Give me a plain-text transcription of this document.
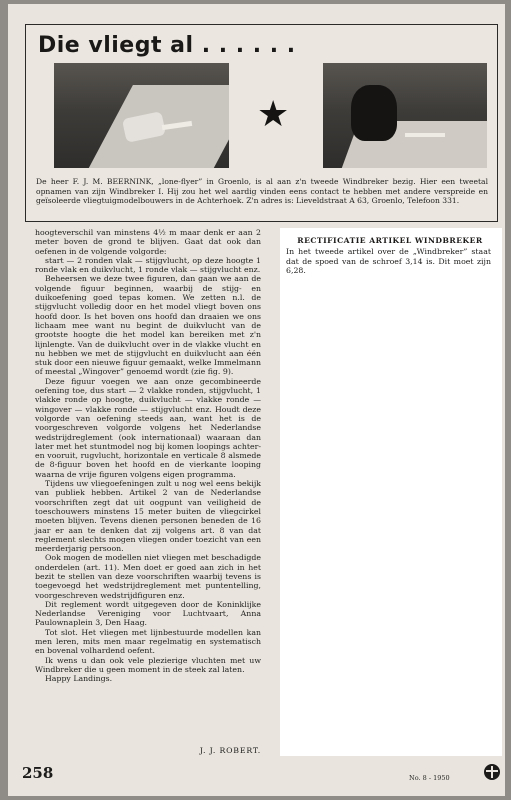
Die vliegt al . . . . . .
★

De heer F. J. M. BEERNINK, „lone-flyer” in Groenlo, is al aan z'n tweede Windbreker bezig. Hier een tweetal opnamen van zijn Windbreker I. Hij zou het wel aardig vinden eens contact te hebben met andere verspreide en geïsoleerde vliegtuigmodelbouwers in de Achterhoek. Z'n adres is: Lieveldstraat A 63, Groenlo, Telefoon 331.

hoogteverschil van minstens 4½ m maar denk er aan 2 meter boven de grond te blijven. Gaat dat ook dan oefenen in de volgende volgorde:

start — 2 ronden vlak — stijgvlucht, op deze hoogte 1 ronde vlak en duikvlucht, 1 ronde vlak — stijgvlucht enz.

Beheersen we deze twee figuren, dan gaan we aan de volgende figuur beginnen, waarbij de stijg- en duikoefening goed tepas komen. We zetten n.l. de stijgvlucht volledig door en het model vliegt boven ons hoofd door. Is het boven ons hoofd dan draaien we ons lichaam mee want nu begint de duikvlucht van de grootste hoogte die het model kan bereiken met z'n lijnlengte. Van de duikvlucht over in de vlakke vlucht en nu hebben we met de stijgvlucht en duikvlucht aan één stuk door een nieuwe figuur gemaakt, welke Immelmann of meestal „Wingover” genoemd wordt (zie fig. 9).

Deze figuur voegen we aan onze gecombineerde oefening toe, dus start — 2 vlakke ronden, stijgvlucht, 1 vlakke ronde op hoogte, duikvlucht — vlakke ronde — wingover — vlakke ronde — stijgvlucht enz. Houdt deze volgorde van oefening steeds aan, want het is de voorgeschreven volgorde volgens het Nederlandse wedstrijdreglement (ook internationaal) waaraan dan later met het stuntmodel nog bij komen loopings achter- en vooruit, rugvlucht, horizontale en verticale 8 alsmede de 8-figuur boven het hoofd en de vierkante looping waarna de vrije figuren volgens eigen programma.

Tijdens uw vliegoefeningen zult u nog wel eens bekijk van publiek hebben. Artikel 2 van de Nederlandse voorschriften zegt dat uit oogpunt van veiligheid de toeschouwers minstens 15 meter buiten de vliegcirkel moeten blijven. Tevens dienen personen beneden de 16 jaar er aan te denken dat zij volgens art. 8 van dat reglement slechts mogen vliegen onder toezicht van een meerderjarig persoon.

Ook mogen de modellen niet vliegen met beschadigde onderdelen (art. 11). Men doet er goed aan zich in het bezit te stellen van deze voorschriften waarbij tevens is toegevoegd het wedstrijdreglement met puntentelling, voorgeschreven wedstrijdfiguren enz.

Dit reglement wordt uitgegeven door de Koninklijke Nederlandse Vereniging voor Luchtvaart, Anna Paulownaplein 3, Den Haag.

Tot slot. Het vliegen met lijnbestuurde modellen kan men leren, mits men maar regelmatig en systematisch en bovenal volhardend oefent.

Ik wens u dan ook vele plezierige vluchten met uw Windbreker die u geen moment in de steek zal laten.

Happy Landings.

J. J. ROBERT.

RECTIFICATIE ARTIKEL WINDBREKER

In het tweede artikel over de „Windbreker” staat dat de spoed van de schroef 3,14 is. Dit moet zijn 6,28.

258	No. 8 - 1950
